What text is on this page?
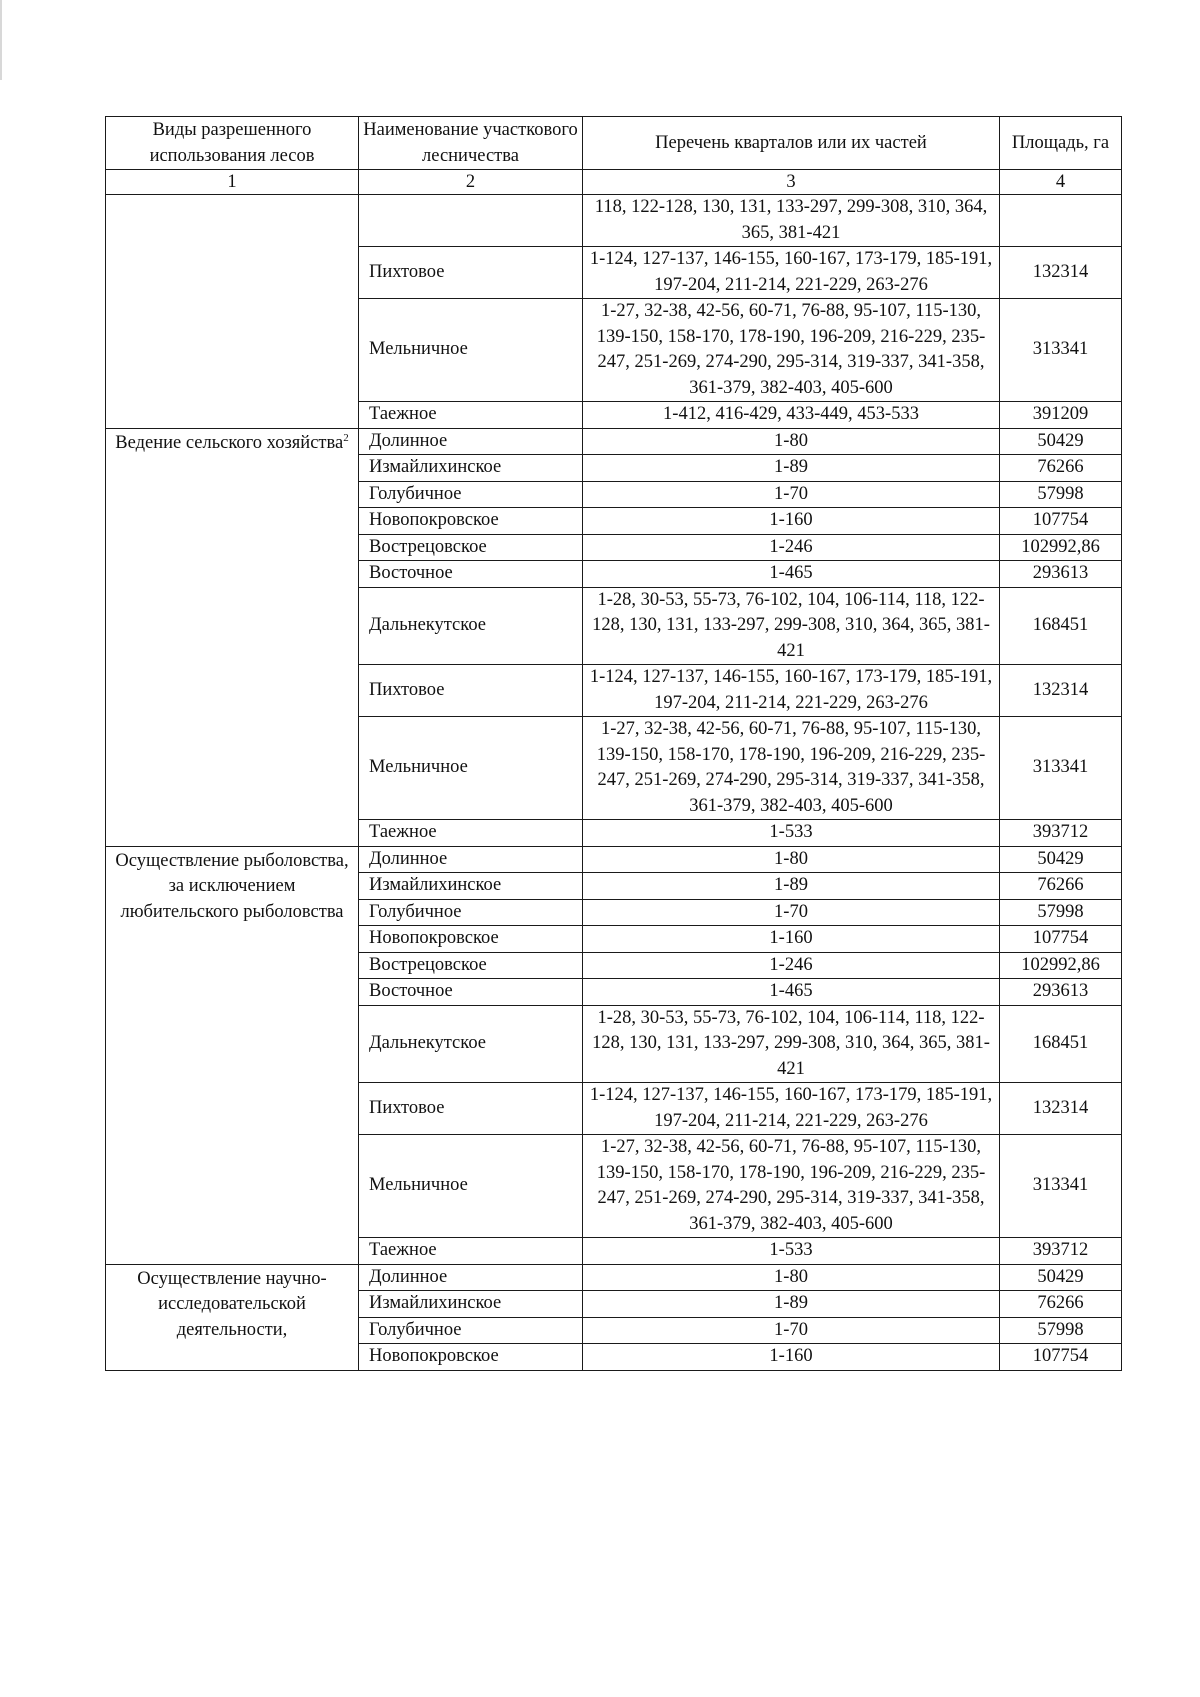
Виды разрешенного использования лесов	Наименование участкового лесничества	Перечень кварталов или их частей	Площадь, га
1	2	3	4
		118, 122-128, 130, 131, 133-297, 299-308, 310, 364, 365, 381-421	
	Пихтовое	1-124, 127-137, 146-155, 160-167, 173-179, 185-191, 197-204, 211-214, 221-229, 263-276	132314
	Мельничное	1-27, 32-38, 42-56, 60-71, 76-88, 95-107, 115-130, 139-150, 158-170, 178-190, 196-209, 216-229, 235-247, 251-269, 274-290, 295-314, 319-337, 341-358, 361-379, 382-403, 405-600	313341
	Таежное	1-412, 416-429, 433-449, 453-533	391209
Ведение сельского хозяйства$^2$	Долинное	1-80	50429
	Измайлихинское	1-89	76266
	Голубичное	1-70	57998
	Новопокровское	1-160	107754
	Вострецовское	1-246	102992,86
	Восточное	1-465	293613
	Дальнекутское	1-28, 30-53, 55-73, 76-102, 104, 106-114, 118, 122-128, 130, 131, 133-297, 299-308, 310, 364, 365, 381-421	168451
	Пихтовое	1-124, 127-137, 146-155, 160-167, 173-179, 185-191, 197-204, 211-214, 221-229, 263-276	132314
	Мельничное	1-27, 32-38, 42-56, 60-71, 76-88, 95-107, 115-130, 139-150, 158-170, 178-190, 196-209, 216-229, 235-247, 251-269, 274-290, 295-314, 319-337, 341-358, 361-379, 382-403, 405-600	313341
	Таежное	1-533	393712
Осуществление рыболовства, за исключением любительского рыболовства	Долинное	1-80	50429
	Измайлихинское	1-89	76266
	Голубичное	1-70	57998
	Новопокровское	1-160	107754
	Вострецовское	1-246	102992,86
	Восточное	1-465	293613
	Дальнекутское	1-28, 30-53, 55-73, 76-102, 104, 106-114, 118, 122-128, 130, 131, 133-297, 299-308, 310, 364, 365, 381-421	168451
	Пихтовое	1-124, 127-137, 146-155, 160-167, 173-179, 185-191, 197-204, 211-214, 221-229, 263-276	132314
	Мельничное	1-27, 32-38, 42-56, 60-71, 76-88, 95-107, 115-130, 139-150, 158-170, 178-190, 196-209, 216-229, 235-247, 251-269, 274-290, 295-314, 319-337, 341-358, 361-379, 382-403, 405-600	313341
	Таежное	1-533	393712
Осуществление научно-исследовательской деятельности,	Долинное	1-80	50429
	Измайлихинское	1-89	76266
	Голубичное	1-70	57998
	Новопокровское	1-160	107754
